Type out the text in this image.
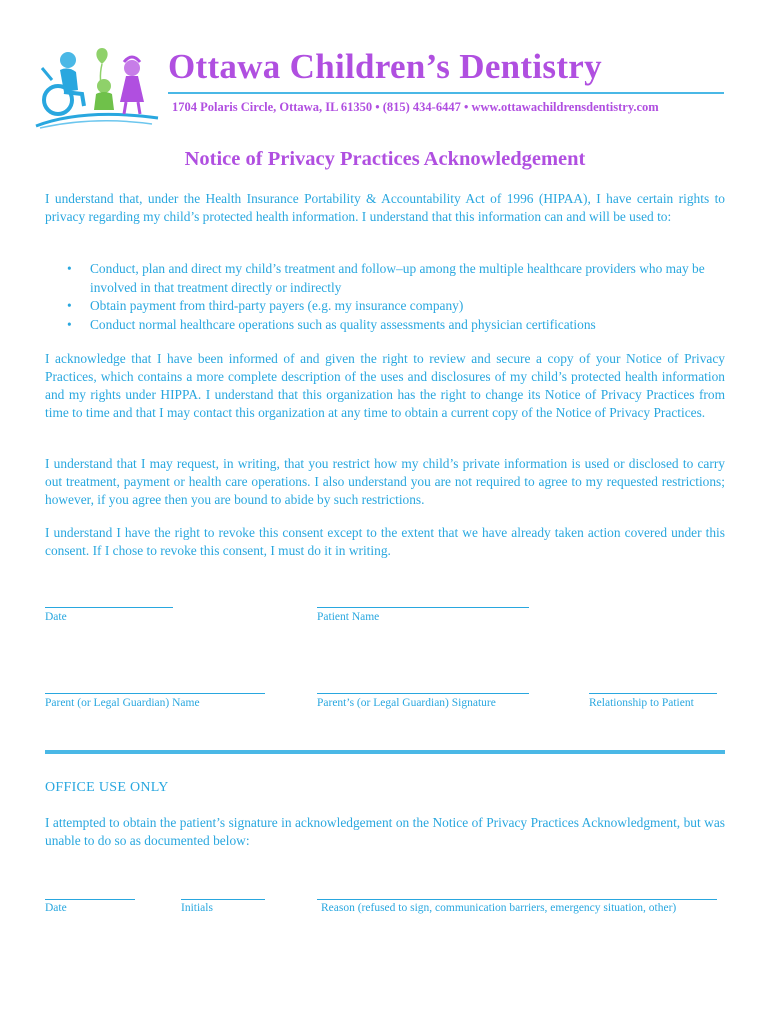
Ottawa Children’s Dentistry
1704 Polaris Circle, Ottawa, IL 61350 • (815) 434-6447 • www.ottawachildrensdentistry.com
Notice of Privacy Practices Acknowledgement
I understand that, under the Health Insurance Portability & Accountability Act of 1996 (HIPAA), I have certain rights to privacy regarding my child’s protected health information. I understand that this information can and will be used to:
• Conduct, plan and direct my child’s treatment and follow–up among the multiple healthcare providers who may be involved in that treatment directly or indirectly
• Obtain payment from third-party payers (e.g. my insurance company)
• Conduct normal healthcare operations such as quality assessments and physician certifications
I acknowledge that I have been informed of and given the right to review and secure a copy of your Notice of Privacy Practices, which contains a more complete description of the uses and disclosures of my child’s protected health information and my rights under HIPPA. I understand that this organization has the right to change its Notice of Privacy Practices from time to time and that I may contact this organization at any time to obtain a current copy of the Notice of Privacy Practices.
I understand that I may request, in writing, that you restrict how my child’s private information is used or disclosed to carry out treatment, payment or health care operations. I also understand you are not required to agree to my requested restrictions; however, if you agree then you are bound to abide by such restrictions.
I understand I have the right to revoke this consent except to the extent that we have already taken action covered under this consent. If I chose to revoke this consent, I must do it in writing.
Date	Patient Name
Parent (or Legal Guardian) Name	Parent’s (or Legal Guardian) Signature	Relationship to Patient
OFFICE USE ONLY
I attempted to obtain the patient’s signature in acknowledgement on the Notice of Privacy Practices Acknowledgment, but was unable to do so as documented below:
Date	Initials	Reason (refused to sign, communication barriers, emergency situation, other)
